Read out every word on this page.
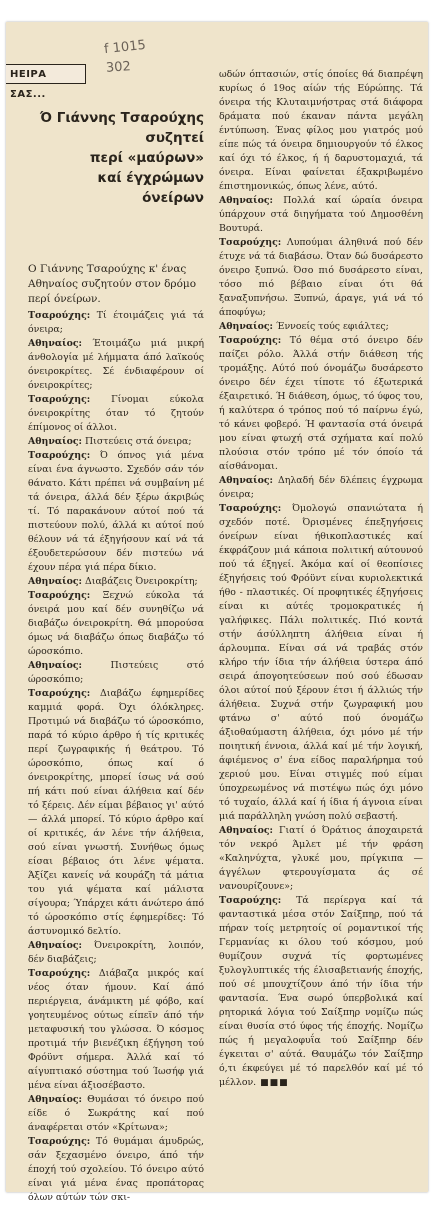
ΗΕΙΡΑ ΣΑΣ...
f 1015
302
Ό Γιάννης Τσαρούχης
συζητεί
περί «μαύρων»
καί έγχρώμων
όνείρων

Ο Γιάννης Τσαρούχης κ' ένας Αθηναίος συζητούν στον δρόμο περί όνείρων.

Τσαρούχης: Τί έτοιμάζεις γιά τά όνειρα;

Αθηναίος: Έτοιμάζω μιά μικρή άνθολογία μέ λήμματα άπό λαϊκούς όνειροκρίτες. Σέ ένδιαφέρουν οί όνειροκρίτες;

Τσαρούχης: Γίνομαι εύκολα όνειροκρίτης όταν τό ζητούν έπίμονος οί άλλοι.

Αθηναίος: Πιστεύεις στά όνειρα;

Τσαρούχης: Ό όπνος γιά μένα είναι ένα άγνωστο. Σχεδόν σάν τόν θάνατο. Κάτι πρέπει νά συμβαίνη μέ τά όνειρα, άλλά δέν ξέρω άκριβώς τί. Τό παρακάνουν αύτοί πού τά πιστεύουν πολύ, άλλά κι αύτοί πού θέλουν νά τά έξηγήσουν καί νά τά έξουδετερώσουν δέν πιστεύω νά έχουν πέρα γιά πέρα δίκιο.

Αθηναίος: Διαβάζεις Όνειροκρίτη;

Τσαρούχης: Ξεχνώ εύκολα τά όνειρά μου καί δέν συνηθίζω νά διαβάζω όνειροκρίτη. Θά μπορούσα όμως νά διαβάζω όπως διαβάζω τό ώροσκόπιο.

Αθηναίος: Πιστεύεις στό ώροσκόπιο;

Τσαρούχης: Διαβάζω έφημερίδες καμμιά φορά. Όχι όλόκληρες. Προτιμώ νά διαβάζω τό ώροσκόπιο, παρά τό κύριο άρθρο ή τίς κριτικές περί ζωγραφικής ή θεάτρου. Τό ώροσκόπιο, όπως καί ό όνειροκρίτης, μπορεί ίσως νά σού πή κάτι πού είναι άλήθεια καί δέν τό ξέρεις. Δέν είμαι βέβαιος γι' αύτό — άλλά μπορεί. Τό κύριο άρθρο καί οί κριτικές, άν λένε τήν άλήθεια, σού είναι γνωστή. Συνήθως όμως είσαι βέβαιος ότι λένε ψέματα. Άξίζει κανείς νά κουράζη τά μάτια του γιά ψέματα καί μάλιστα σίγουρα; Ύπάρχει κάτι άνώτερο άπό τό ώροσκόπιο στίς έφημερίδες: Τό άστυνομικό δελτίο.

Αθηναίος: Όνειροκρίτη, λοιπόν, δέν διαβάζεις;

Τσαρούχης: Διάβαζα μικρός καί νέος όταν ήμουν. Καί άπό περιέργεια, άνάμικτη μέ φόβο, καί γοητευμένος ούτως είπεϊν άπό τήν μεταφυσική του γλώσσα. Ό κόσμος προτιμά τήν βιενέζικη έξήγηση τού Φρόϋντ σήμερα. Άλλά καί τό αίγυπτιακό σύστημα τού Ίωσήφ γιά μένα είναι άξιοσέβαστο.

Αθηναίος: Θυμάσαι τό όνειρο πού είδε ό Σωκράτης καί πού άναφέρεται στόν «Κρίτωνα»;

Τσαρούχης: Τό θυμάμαι άμυδρώς, σάν ξεχασμένο όνειρο, άπό τήν έποχή τού σχολείου. Τό όνειρο αύτό είναι γιά μένα ένας προπάτορας όλων αύτών τών σκι-

ωδών όπτασιών, στίς όποίες θά διαπρέψη κυρίως ό 19ος αίών τής Εύρώπης. Τά όνειρα τής Κλυταιμνήστρας στά διάφορα δράματα πού έκαναν πάντα μεγάλη έντύπωση. Ένας φίλος μου γιατρός μού είπε πώς τά όνειρα δημιουργούν τό έλκος καί όχι τό έλκος, ή ή δαρυστομαχιά, τά όνειρα. Είναι φαίνεται έξακριβωμένο έπιστημονικώς, όπως λένε, αύτό.

Αθηναίος: Πολλά καί ώραία όνειρα ύπάρχουν στά διηγήματα τού Δημοσθένη Βουτυρά.

Τσαρούχης: Λυπούμαι άληθινά πού δέν έτυχε νά τά διαβάσω. Όταν δώ δυσάρεστο όνειρο ξυπνώ. Όσο πιό δυσάρεστο είναι, τόσο πιό βέβαιο είναι ότι θά ξαναξυπνήσω. Ξυπνώ, άραγε, γιά νά τό άποφύγω;

Αθηναίος: Έννοείς τούς εφιάλτες;

Τσαρούχης: Τό θέμα στό όνειρο δέν παίζει ρόλο. Άλλά στήν διάθεση τής τρομάξης. Αύτό πού όνομάζω δυσάρεστο όνειρο δέν έχει τίποτε τό έξωτερικά έξαιρετικό. Ή διάθεση, όμως, τό ύφος του, ή καλύτερα ό τρόπος πού τό παίρνω έγώ, τό κάνει φοβερό. Ή φαντασία στά όνειρά μου είναι φτωχή στά σχήματα καί πολύ πλούσια στόν τρόπο μέ τόν όποίο τά αίσθάνομαι.

Αθηναίος: Δηλαδή δέν δλέπεις έγχρωμα όνειρα;

Τσαρούχης: Όμολογώ σπανιώτατα ή σχεδόν ποτέ. Όρισμένες έπεξηγήσεις όνείρων είναι ήθικοπλαστικές καί έκφράζουν μιά κάποια πολιτική αύτουνού πού τά έξηγεί. Άκόμα καί οί θεοπίσιες έξηγήσεις τού Φρόϋντ είναι κυριολεκτικά ήθο - πλαστικές. Οί προφητικές έξηγήσεις είναι κι αύτές τρομοκρατικές ή γαλήφικες. Πάλι πολιτικές. Πιό κοντά στήν άσύλληπτη άλήθεια είναι ή άρλουμπα. Είναι σά νά τραβάς στόν κλήρο τήν ίδια τήν άλήθεια ύστερα άπό σειρά άπογοητεύσεων πού σού έδωσαν όλοι αύτοί πού ξέρουν έτσι ή άλλιώς τήν άλήθεια. Συχνά στήν ζωγραφική μου φτάνω σ' αύτό πού όνομάζω άξιοθαύμαστη άλήθεια, όχι μόνο μέ τήν ποιητική έννοια, άλλά καί μέ τήν λογική, άφιέμενος σ' ένα είδος παραλήρημα τού χεριού μου. Είναι στιγμές πού είμαι ύποχρεωμένος νά πιστέψω πώς όχι μόνο τό τυχαίο, άλλά καί ή ίδια ή άγνοια είναι μιά παράλληλη γνώση πολύ σεβαστή.

Αθηναίος: Γιατί ό Όράτιος άποχαιρετά τόν νεκρό Άμλετ μέ τήν φράση «Καληνύχτα, γλυκέ μου, πρίγκιπα — άγγέλων φτερουγίσματα άς σέ νανουρίζουνε»;

Τσαρούχης: Τά περίεργα καί τά φανταστικά μέσα στόν Σαίξπηρ, πού τά πήραν τοίς μετρητοίς οί ρομαντικοί τής Γερμανίας κι όλου τού κόσμου, μού θυμίζουν συχνά τίς φορτωμένες ξυλογλυπτικές τής έλισαβετιανής έποχής, πού σέ μπουχτίζουν άπό τήν ίδια τήν φαντασία. Ένα σωρό ύπερβολικά καί ρητορικά λόγια τού Σαίξπηρ νομίζω πώς είναι θυσία στό ύφος τής έποχής. Νομίζω πώς ή μεγαλοφυΐα τού Σαίξπηρ δέν έγκειται σ' αύτά. Θαυμάζω τόν Σαίξπηρ ό,τι έκφεύγει μέ τό παρελθόν καί μέ τό μέλλον. ■■■
